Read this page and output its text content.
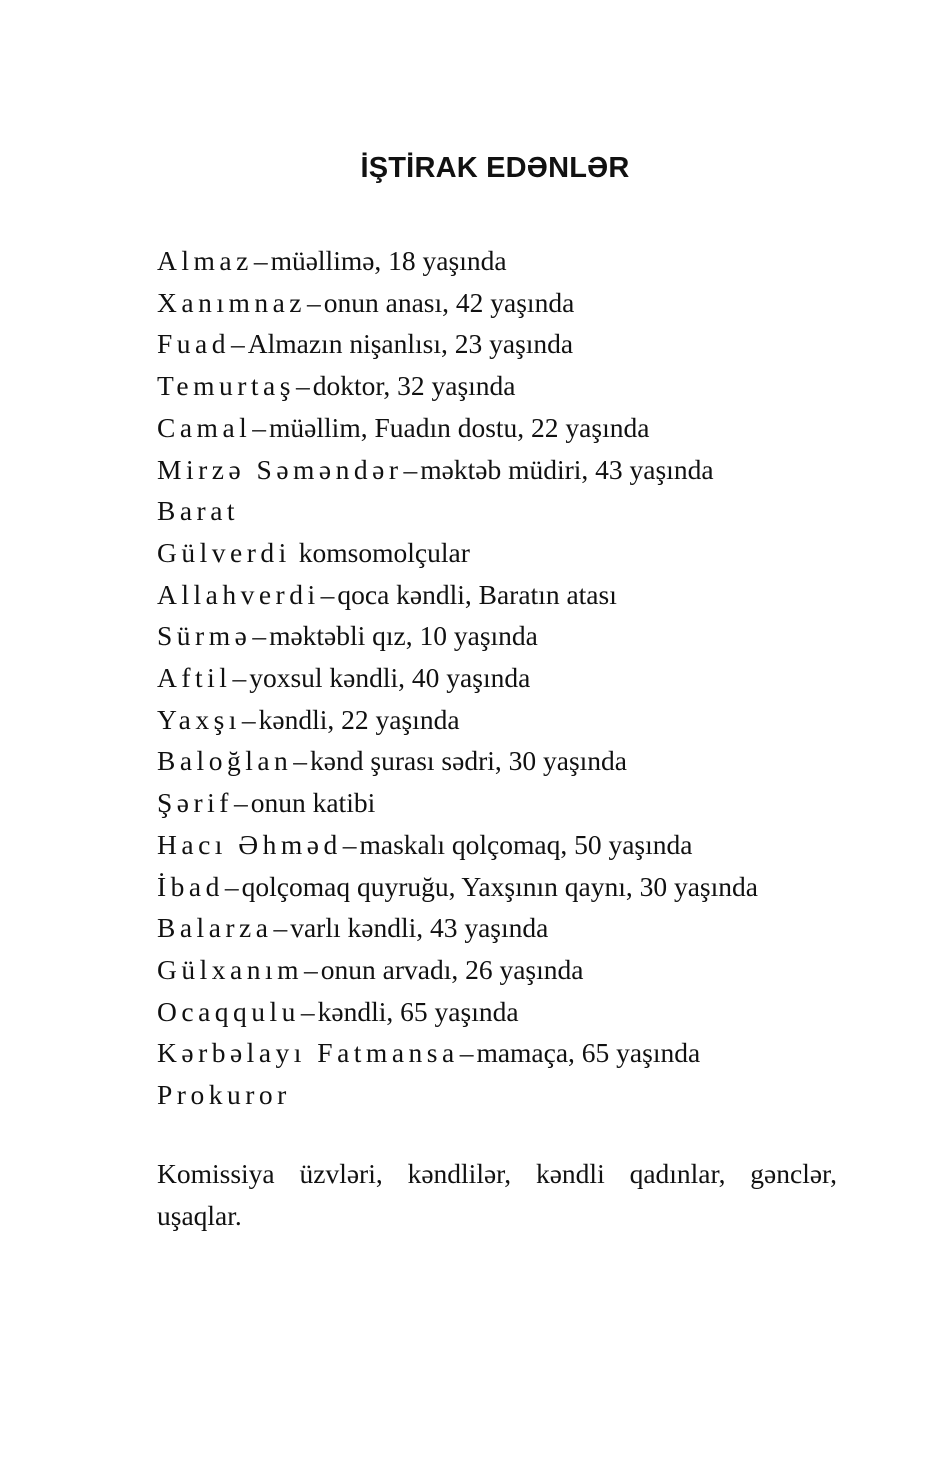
İŞTİRAK EDƏNLƏR
Almaz– müəllimə, 18 yaşında
Xanımnaz– onun anası, 42 yaşında
Fuad– Almazın nişanlısı, 23 yaşında
Temurtaş– doktor, 32 yaşında
Camal– müəllim, Fuadın dostu, 22 yaşında
Mirzə Səməndər– məktəb müdiri, 43 yaşında
Barat
Gülverdi komsomolçular
Allahverdi– qoca kəndli, Baratın atası
Sürmə– məktəbli qız, 10 yaşında
Aftil– yoxsul kəndli, 40 yaşında
Yaxşı– kəndli, 22 yaşında
Baloğlan– kənd şurası sədri, 30 yaşında
Şərif– onun katibi
Hacı Əhməd– maskalı qolçomaq, 50 yaşında
İbad– qolçomaq quyruğu, Yaxşının qaynı, 30 yaşında
Balarza– varlı kəndli, 43 yaşında
Gülxanım– onun arvadı, 26 yaşında
Ocaqqulu– kəndli, 65 yaşında
Kərbəlayı Fatmansa– mamaça, 65 yaşında
Prokuror

Komissiya üzvləri, kəndlilər, kəndli qadınlar, gənclər, uşaqlar.
